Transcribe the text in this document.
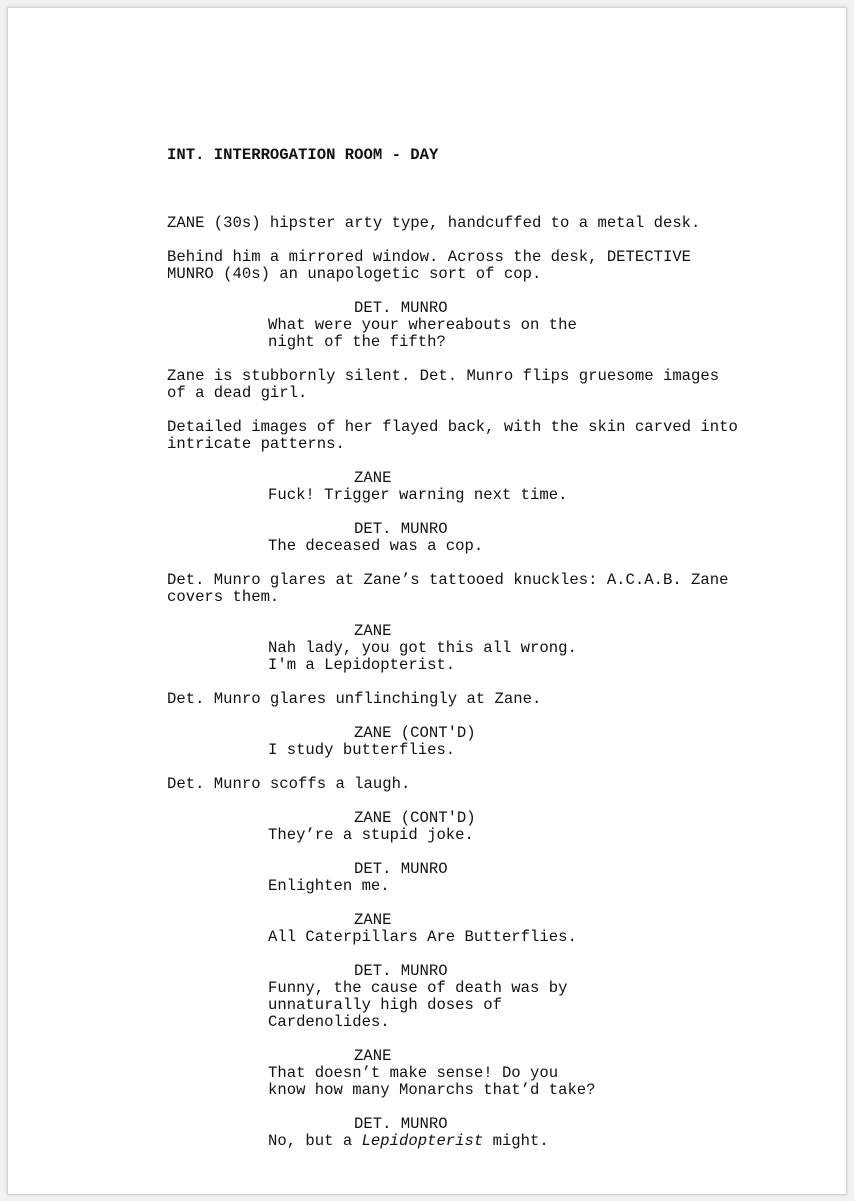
INT. INTERROGATION ROOM - DAY

ZANE (30s) hipster arty type, handcuffed to a metal desk.
Behind him a mirrored window. Across the desk, DETECTIVE
MUNRO (40s) an unapologetic sort of cop.
DET. MUNRO
What were your whereabouts on the
night of the fifth?
Zane is stubbornly silent. Det. Munro flips gruesome images
of a dead girl.
Detailed images of her flayed back, with the skin carved into
intricate patterns.
ZANE
Fuck! Trigger warning next time.
DET. MUNRO
The deceased was a cop.
Det. Munro glares at Zane’s tattooed knuckles: A.C.A.B. Zane
covers them.
ZANE
Nah lady, you got this all wrong.
I'm a Lepidopterist.
Det. Munro glares unflinchingly at Zane.
ZANE (CONT'D)
I study butterflies.
Det. Munro scoffs a laugh.
ZANE (CONT'D)
They’re a stupid joke.
DET. MUNRO
Enlighten me.
ZANE
All Caterpillars Are Butterflies.
DET. MUNRO
Funny, the cause of death was by
unnaturally high doses of
Cardenolides.
ZANE
That doesn’t make sense! Do you
know how many Monarchs that’d take?
DET. MUNRO
No, but a Lepidopterist might.
